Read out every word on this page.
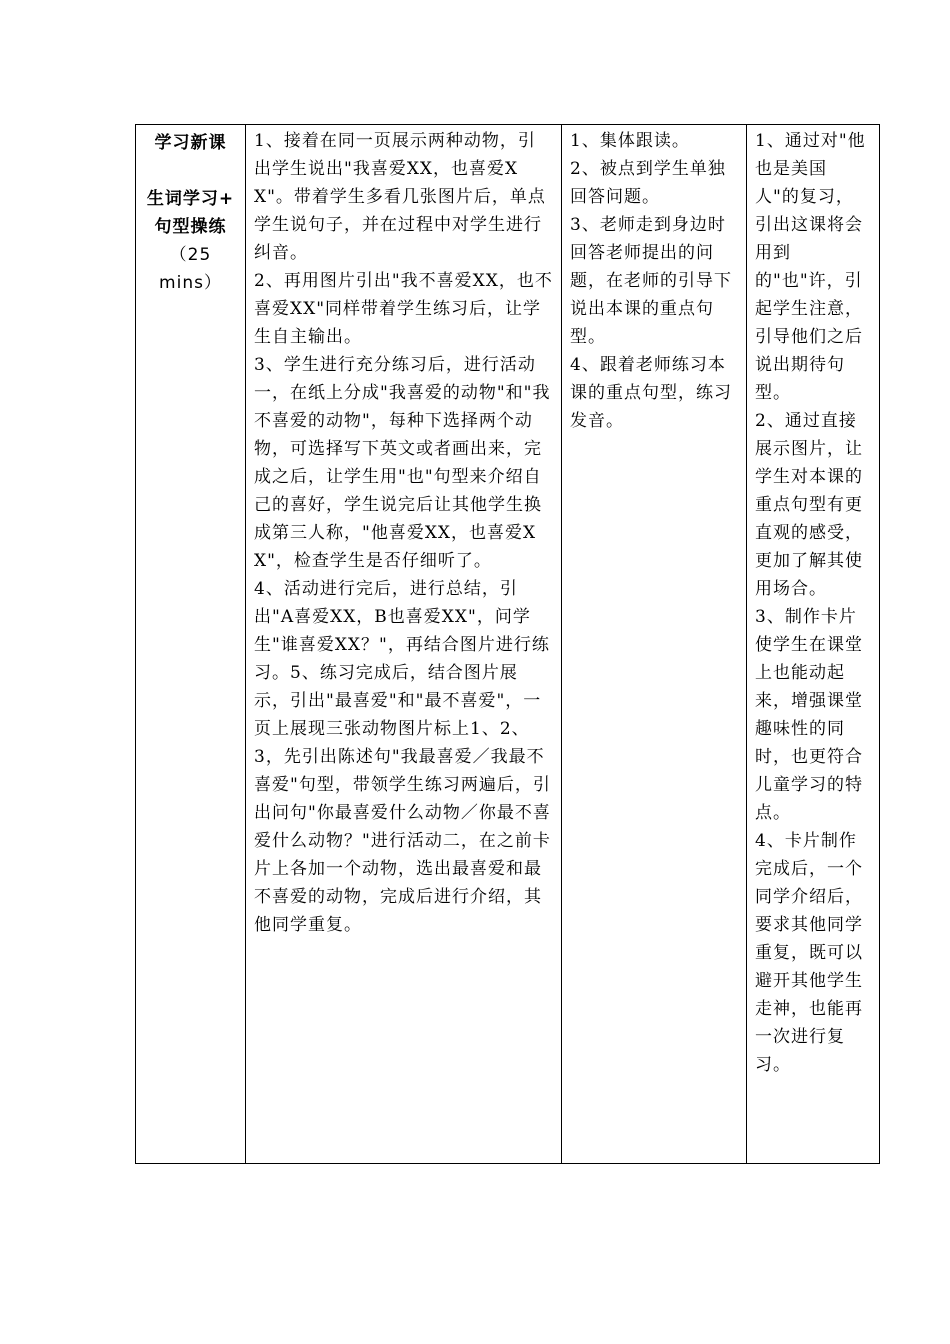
学习新课
生词学习+
句型操练
（25
mins）

1、接着在同一页展示两种动物，引出学生说出"我喜爱XX，也喜爱XX"。带着学生多看几张图片后，单点学生说句子，并在过程中对学生进行纠音。
2、再用图片引出"我不喜爱XX，也不喜爱XX"同样带着学生练习后，让学生自主输出。
3、学生进行充分练习后，进行活动一，在纸上分成"我喜爱的动物"和"我不喜爱的动物"，每种下选择两个动物，可选择写下英文或者画出来，完成之后，让学生用"也"句型来介绍自己的喜好，学生说完后让其他学生换成第三人称，"他喜爱XX，也喜爱XX"，检查学生是否仔细听了。
4、活动进行完后，进行总结，引出"A喜爱XX，B也喜爱XX"，问学生"谁喜爱XX？"，再结合图片进行练习。5、练习完成后，结合图片展示，引出"最喜爱"和"最不喜爱"，一页上展现三张动物图片标上1、2、3，先引出陈述句"我最喜爱／我最不喜爱"句型，带领学生练习两遍后，引出问句"你最喜爱什么动物／你最不喜爱什么动物？"进行活动二，在之前卡片上各加一个动物，选出最喜爱和最不喜爱的动物，完成后进行介绍，其他同学重复。

1、集体跟读。
2、被点到学生单独回答问题。
3、老师走到身边时回答老师提出的问题，在老师的引导下说出本课的重点句型。
4、跟着老师练习本课的重点句型，练习发音。

1、通过对"他也是美国人"的复习，引出这课将会用到的"也"许，引起学生注意，引导他们之后说出期待句型。
2、通过直接展示图片，让学生对本课的重点句型有更直观的感受，更加了解其使用场合。
3、制作卡片使学生在课堂上也能动起来，增强课堂趣味性的同时，也更符合儿童学习的特点。
4、卡片制作完成后，一个同学介绍后，要求其他同学重复，既可以避开其他学生走神，也能再一次进行复习。
